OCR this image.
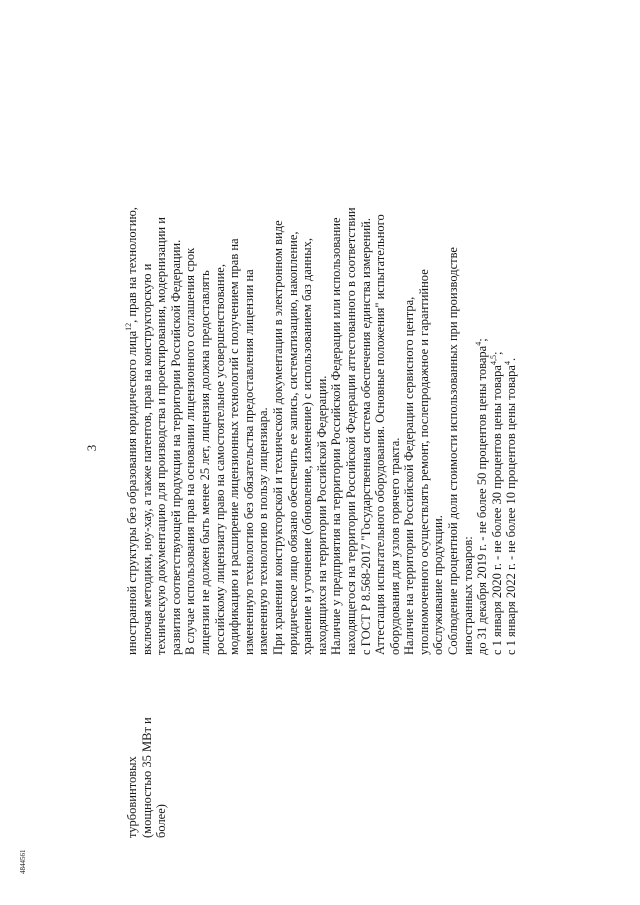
3
турбовинтовых (мощностью 35 МВт и более)
иностранной структуры без образования юридического лица$^{12}$, прав на технологию, включая методики, ноу-хау, а также патентов, прав на конструкторскую и техническую документацию для производства и проектирования, модернизации и развития соответствующей продукции на территории Российской Федерации. В случае использования прав на основании лицензионного соглашения срок лицензии не должен быть менее 25 лет, лицензия должна предоставлять российскому лицензиату право на самостоятельное усовершенствование, модификацию и расширение лицензионных технологий с получением прав на измененную технологию без обязательства предоставления лицензии на измененную технологию в пользу лицензиара. При хранении конструкторской и технической документации в электронном виде юридическое лицо обязано обеспечить ее запись, систематизацию, накопление, хранение и уточнение (обновление, изменение) с использованием баз данных, находящихся на территории Российской Федерации. Наличие у предприятия на территории Российской Федерации или использование находящегося на территории Российской Федерации аттестованного в соответствии с ГОСТ Р 8.568-2017 "Государственная система обеспечения единства измерений. Аттестация испытательного оборудования. Основные положения" испытательного оборудования для узлов горячего тракта. Наличие на территории Российской Федерации сервисного центра, уполномоченного осуществлять ремонт, послепродажное и гарантийное обслуживание продукции. Соблюдение процентной доли стоимости использованных при производстве иностранных товаров: до 31 декабря 2019 г. - не более 50 процентов цены товара$^4$;
с 1 января 2020 г. - не более 30 процентов цены товара$^{4,5}$;
с 1 января 2022 г. - не более 10 процентов цены товара$^4$.
4844561
